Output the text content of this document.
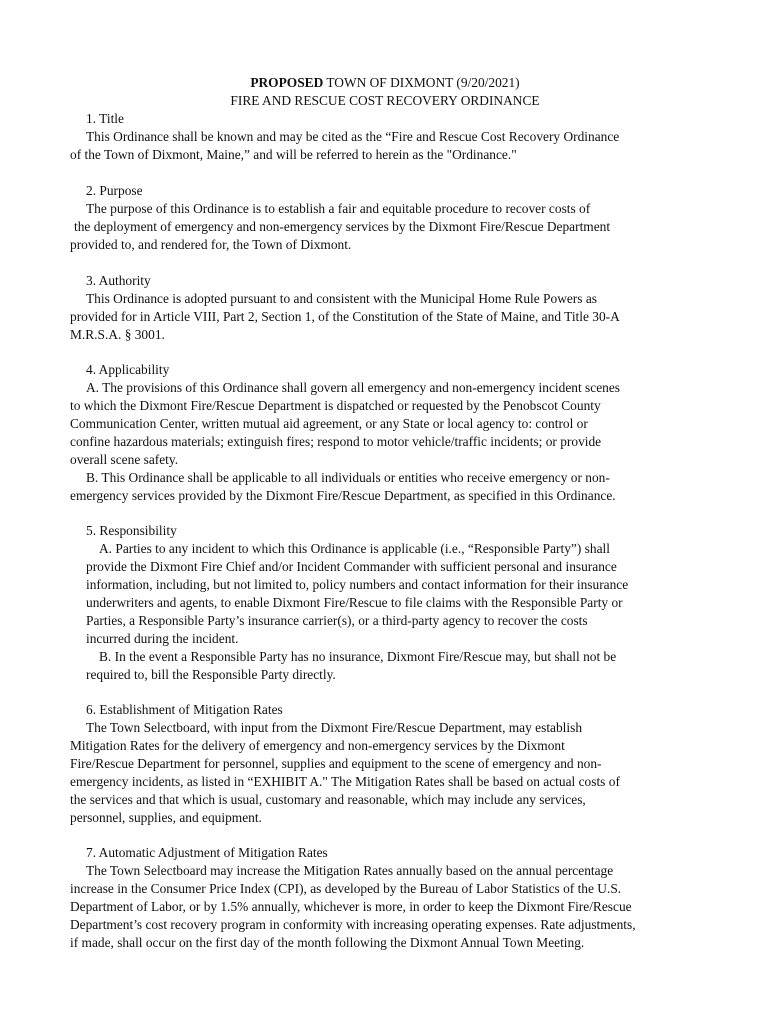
PROPOSED TOWN OF DIXMONT (9/20/2021)
FIRE AND RESCUE COST RECOVERY ORDINANCE
1. Title
This Ordinance shall be known and may be cited as the “Fire and Rescue Cost Recovery Ordinance
of the Town of Dixmont, Maine,” and will be referred to herein as the "Ordinance."
2. Purpose
The purpose of this Ordinance is to establish a fair and equitable procedure to recover costs of
the deployment of emergency and non-emergency services by the Dixmont Fire/Rescue Department
provided to, and rendered for, the Town of Dixmont.
3. Authority
This Ordinance is adopted pursuant to and consistent with the Municipal Home Rule Powers as
provided for in Article VIII, Part 2, Section 1, of the Constitution of the State of Maine, and Title 30-A
M.R.S.A. § 3001.
4. Applicability
A. The provisions of this Ordinance shall govern all emergency and non-emergency incident scenes
to which the Dixmont Fire/Rescue Department is dispatched or requested by the Penobscot County
Communication Center, written mutual aid agreement, or any State or local agency to: control or
confine hazardous materials; extinguish fires; respond to motor vehicle/traffic incidents; or provide
overall scene safety.
B. This Ordinance shall be applicable to all individuals or entities who receive emergency or non-
emergency services provided by the Dixmont Fire/Rescue Department, as specified in this Ordinance.
5. Responsibility
A. Parties to any incident to which this Ordinance is applicable (i.e., “Responsible Party”) shall
provide the Dixmont Fire Chief and/or Incident Commander with sufficient personal and insurance
information, including, but not limited to, policy numbers and contact information for their insurance
underwriters and agents, to enable Dixmont Fire/Rescue to file claims with the Responsible Party or
Parties, a Responsible Party’s insurance carrier(s), or a third-party agency to recover the costs
incurred during the incident.
B. In the event a Responsible Party has no insurance, Dixmont Fire/Rescue may, but shall not be
required to, bill the Responsible Party directly.
6. Establishment of Mitigation Rates
The Town Selectboard, with input from the Dixmont Fire/Rescue Department, may establish
Mitigation Rates for the delivery of emergency and non-emergency services by the Dixmont
Fire/Rescue Department for personnel, supplies and equipment to the scene of emergency and non-
emergency incidents, as listed in “EXHIBIT A." The Mitigation Rates shall be based on actual costs of
the services and that which is usual, customary and reasonable, which may include any services,
personnel, supplies, and equipment.
7. Automatic Adjustment of Mitigation Rates
The Town Selectboard may increase the Mitigation Rates annually based on the annual percentage
increase in the Consumer Price Index (CPI), as developed by the Bureau of Labor Statistics of the U.S.
Department of Labor, or by 1.5% annually, whichever is more, in order to keep the Dixmont Fire/Rescue
Department’s cost recovery program in conformity with increasing operating expenses. Rate adjustments,
if made, shall occur on the first day of the month following the Dixmont Annual Town Meeting.
